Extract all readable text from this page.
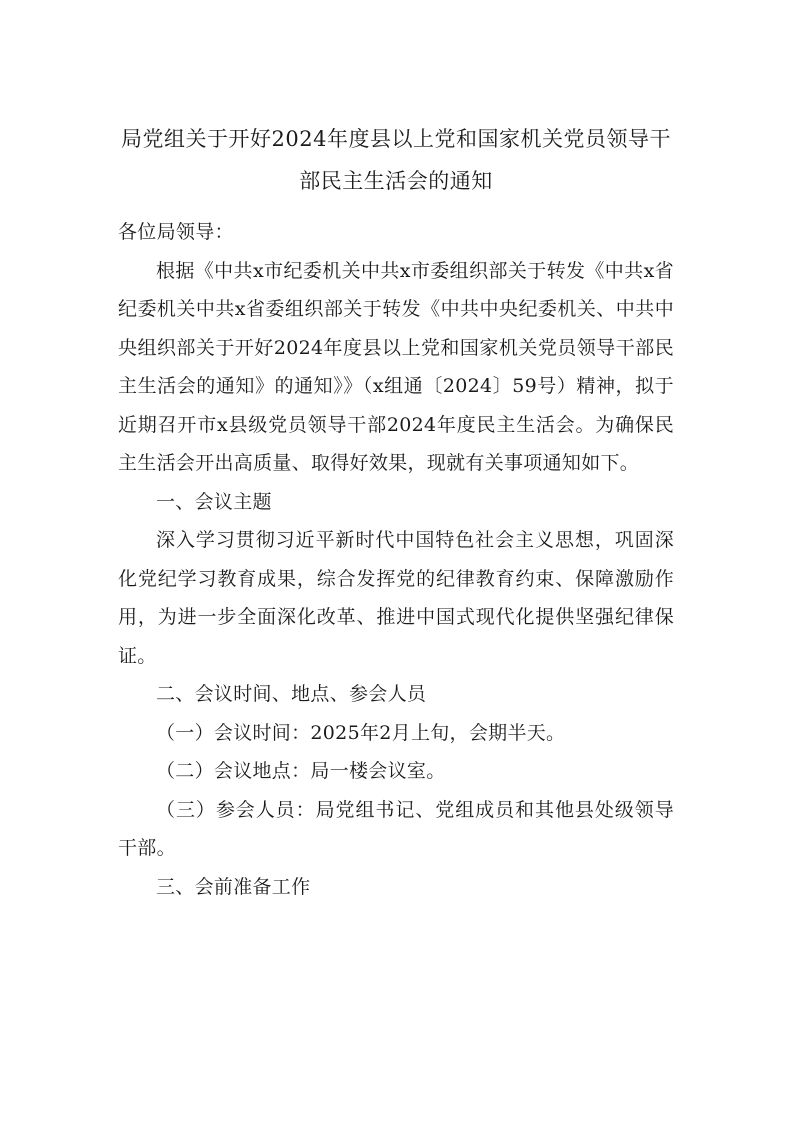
局党组关于开好2024年度县以上党和国家机关党员领导干部民主生活会的通知

各位局领导：

根据《中共x市纪委机关中共x市委组织部关于转发《中共x省纪委机关中共x省委组织部关于转发《中共中央纪委机关、中共中央组织部关于开好2024年度县以上党和国家机关党员领导干部民主生活会的通知》的通知》》（x组通〔2024〕59号）精神，拟于近期召开市x县级党员领导干部2024年度民主生活会。为确保民主生活会开出高质量、取得好效果，现就有关事项通知如下。

一、会议主题

深入学习贯彻习近平新时代中国特色社会主义思想，巩固深化党纪学习教育成果，综合发挥党的纪律教育约束、保障激励作用，为进一步全面深化改革、推进中国式现代化提供坚强纪律保证。

二、会议时间、地点、参会人员

（一）会议时间：2025年2月上旬，会期半天。

（二）会议地点：局一楼会议室。

（三）参会人员：局党组书记、党组成员和其他县处级领导干部。

三、会前准备工作
